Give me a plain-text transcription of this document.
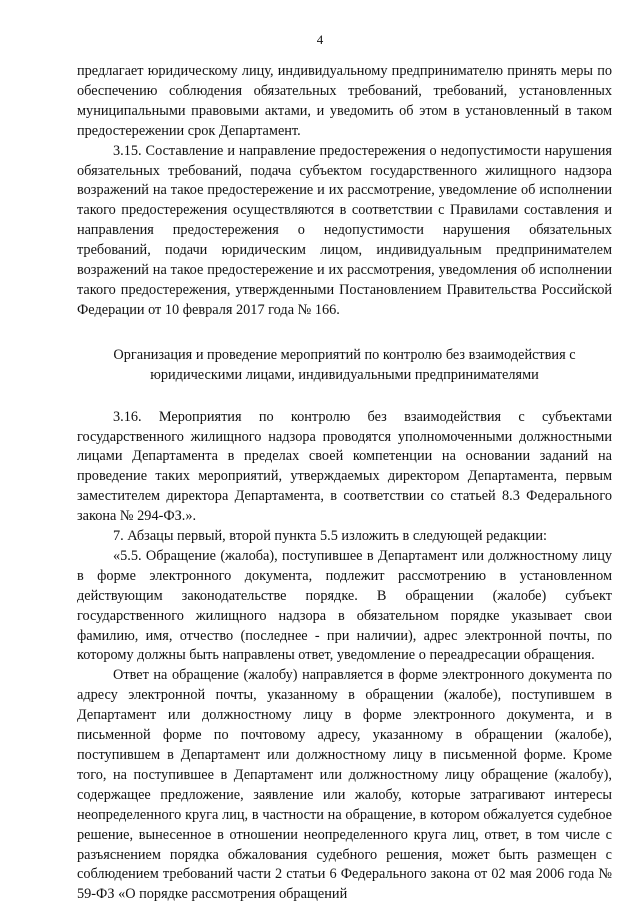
4

предлагает юридическому лицу, индивидуальному предпринимателю принять меры по обеспечению соблюдения обязательных требований, требований, установленных муниципальными правовыми актами, и уведомить об этом в установленный в таком предостережении срок Департамент.

3.15. Составление и направление предостережения о недопустимости нарушения обязательных требований, подача субъектом государственного жилищного надзора возражений на такое предостережение и их рассмотрение, уведомление об исполнении такого предостережения осуществляются в соответствии с Правилами составления и направления предостережения о недопустимости нарушения обязательных требований, подачи юридическим лицом, индивидуальным предпринимателем возражений на такое предостережение и их рассмотрения, уведомления об исполнении такого предостережения, утвержденными Постановлением Правительства Российской Федерации от 10 февраля 2017 года № 166.

Организация и проведение мероприятий по контролю без взаимодействия с юридическими лицами, индивидуальными предпринимателями

3.16. Мероприятия по контролю без взаимодействия с субъектами государственного жилищного надзора проводятся уполномоченными должностными лицами Департамента в пределах своей компетенции на основании заданий на проведение таких мероприятий, утверждаемых директором Департамента, первым заместителем директора Департамента, в соответствии со статьей 8.3 Федерального закона № 294-ФЗ.».

7. Абзацы первый, второй пункта 5.5 изложить в следующей редакции:

«5.5. Обращение (жалоба), поступившее в Департамент или должностному лицу в форме электронного документа, подлежит рассмотрению в установленном действующим законодательстве порядке. В обращении (жалобе) субъект государственного жилищного надзора в обязательном порядке указывает свои фамилию, имя, отчество (последнее - при наличии), адрес электронной почты, по которому должны быть направлены ответ, уведомление о переадресации обращения.

Ответ на обращение (жалобу) направляется в форме электронного документа по адресу электронной почты, указанному в обращении (жалобе), поступившем в Департамент или должностному лицу в форме электронного документа, и в письменной форме по почтовому адресу, указанному в обращении (жалобе), поступившем в Департамент или должностному лицу в письменной форме. Кроме того, на поступившее в Департамент или должностному лицу обращение (жалобу), содержащее предложение, заявление или жалобу, которые затрагивают интересы неопределенного круга лиц, в частности на обращение, в котором обжалуется судебное решение, вынесенное в отношении неопределенного круга лиц, ответ, в том числе с разъяснением порядка обжалования судебного решения, может быть размещен с соблюдением требований части 2 статьи 6 Федерального закона от 02 мая 2006 года № 59-ФЗ «О порядке рассмотрения обращений
